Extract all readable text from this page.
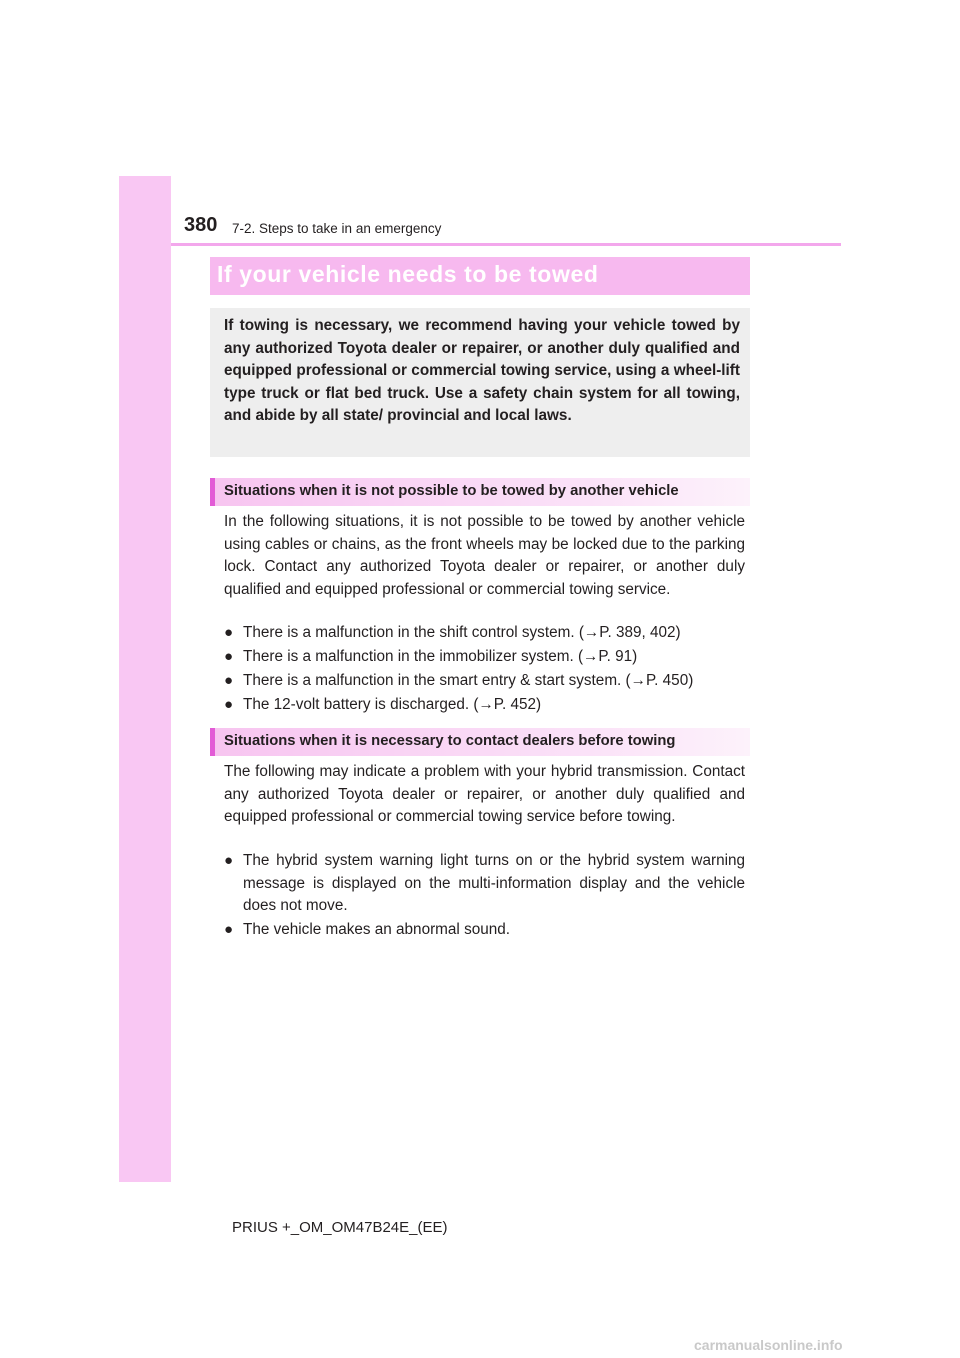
380 7-2. Steps to take in an emergency
If your vehicle needs to be towed
If towing is necessary, we recommend having your vehicle towed by any authorized Toyota dealer or repairer, or another duly qualified and equipped professional or commercial towing service, using a wheel-lift type truck or flat bed truck. Use a safety chain system for all towing, and abide by all state/ provincial and local laws.
Situations when it is not possible to be towed by another vehicle
In the following situations, it is not possible to be towed by another vehicle using cables or chains, as the front wheels may be locked due to the parking lock. Contact any authorized Toyota dealer or repairer, or another duly qualified and equipped professional or commercial towing service.
● There is a malfunction in the shift control system. (→P. 389, 402)
● There is a malfunction in the immobilizer system. (→P. 91)
● There is a malfunction in the smart entry & start system. (→P. 450)
● The 12-volt battery is discharged. (→P. 452)
Situations when it is necessary to contact dealers before towing
The following may indicate a problem with your hybrid transmission. Contact any authorized Toyota dealer or repairer, or another duly qualified and equipped professional or commercial towing service before towing.
● The hybrid system warning light turns on or the hybrid system warning message is displayed on the multi-information display and the vehicle does not move.
● The vehicle makes an abnormal sound.
PRIUS +_OM_OM47B24E_(EE)
carmanualsonline.info
